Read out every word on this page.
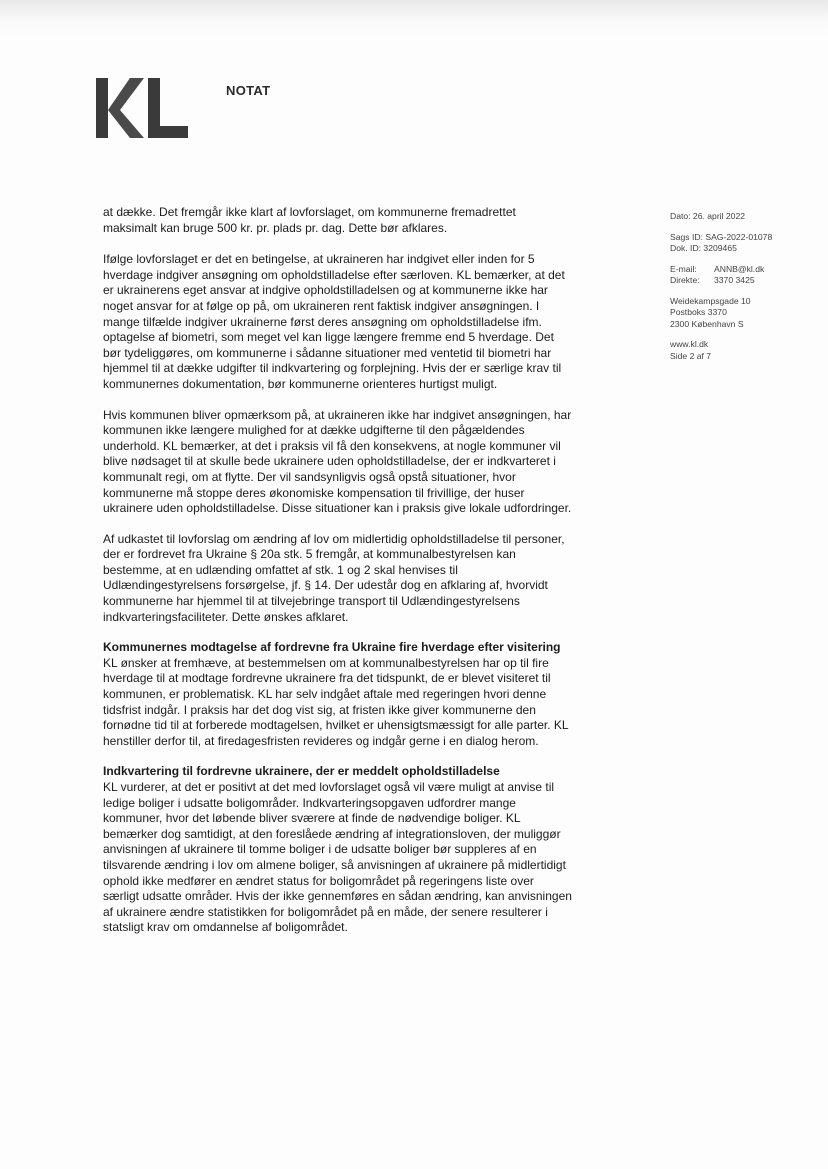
NOTAT
Dato: 26. april 2022
Sags ID: SAG-2022-01078
Dok. ID: 3209465
E-mail: ANNB@kl.dk
Direkte: 3370 3425
Weidekampsgade 10
Postboks 3370
2300 København S
www.kl.dk
Side 2 af 7

at dække. Det fremgår ikke klart af lovforslaget, om kommunerne fremadrettet maksimalt kan bruge 500 kr. pr. plads pr. dag. Dette bør afklares.

Ifølge lovforslaget er det en betingelse, at ukraineren har indgivet eller inden for 5 hverdage indgiver ansøgning om opholdstilladelse efter særloven. KL bemærker, at det er ukrainerens eget ansvar at indgive opholdstilladelsen og at kommunerne ikke har noget ansvar for at følge op på, om ukraineren rent faktisk indgiver ansøgningen. I mange tilfælde indgiver ukrainerne først deres ansøgning om opholdstilladelse ifm. optagelse af biometri, som meget vel kan ligge længere fremme end 5 hverdage. Det bør tydeliggøres, om kommunerne i sådanne situationer med ventetid til biometri har hjemmel til at dække udgifter til indkvartering og forplejning. Hvis der er særlige krav til kommunernes dokumentation, bør kommunerne orienteres hurtigst muligt.

Hvis kommunen bliver opmærksom på, at ukraineren ikke har indgivet ansøgningen, har kommunen ikke længere mulighed for at dække udgifterne til den pågældendes underhold. KL bemærker, at det i praksis vil få den konsekvens, at nogle kommuner vil blive nødsaget til at skulle bede ukrainere uden opholdstilladelse, der er indkvarteret i kommunalt regi, om at flytte. Der vil sandsynligvis også opstå situationer, hvor kommunerne må stoppe deres økonomiske kompensation til frivillige, der huser ukrainere uden opholdstilladelse. Disse situationer kan i praksis give lokale udfordringer.

Af udkastet til lovforslag om ændring af lov om midlertidig opholdstilladelse til personer, der er fordrevet fra Ukraine § 20a stk. 5 fremgår, at kommunalbestyrelsen kan bestemme, at en udlænding omfattet af stk. 1 og 2 skal henvises til Udlændingestyrelsens forsørgelse, jf. § 14. Der udestår dog en afklaring af, hvorvidt kommunerne har hjemmel til at tilvejebringe transport til Udlændingestyrelsens indkvarteringsfaciliteter. Dette ønskes afklaret.

Kommunernes modtagelse af fordrevne fra Ukraine fire hverdage efter visitering

KL ønsker at fremhæve, at bestemmelsen om at kommunalbestyrelsen har op til fire hverdage til at modtage fordrevne ukrainere fra det tidspunkt, de er blevet visiteret til kommunen, er problematisk. KL har selv indgået aftale med regeringen hvori denne tidsfrist indgår. I praksis har det dog vist sig, at fristen ikke giver kommunerne den fornødne tid til at forberede modtagelsen, hvilket er uhensigtsmæssigt for alle parter. KL henstiller derfor til, at firedagesfristen revideres og indgår gerne i en dialog herom.

Indkvartering til fordrevne ukrainere, der er meddelt opholdstilladelse

KL vurderer, at det er positivt at det med lovforslaget også vil være muligt at anvise til ledige boliger i udsatte boligområder. Indkvarteringsopgaven udfordrer mange kommuner, hvor det løbende bliver sværere at finde de nødvendige boliger. KL bemærker dog samtidigt, at den foreslåede ændring af integrationsloven, der muliggør anvisningen af ukrainere til tomme boliger i de udsatte boliger bør suppleres af en tilsvarende ændring i lov om almene boliger, så anvisningen af ukrainere på midlertidigt ophold ikke medfører en ændret status for boligområdet på regeringens liste over særligt udsatte områder. Hvis der ikke gennemføres en sådan ændring, kan anvisningen af ukrainere ændre statistikken for boligområdet på en måde, der senere resulterer i statsligt krav om omdannelse af boligområdet.
